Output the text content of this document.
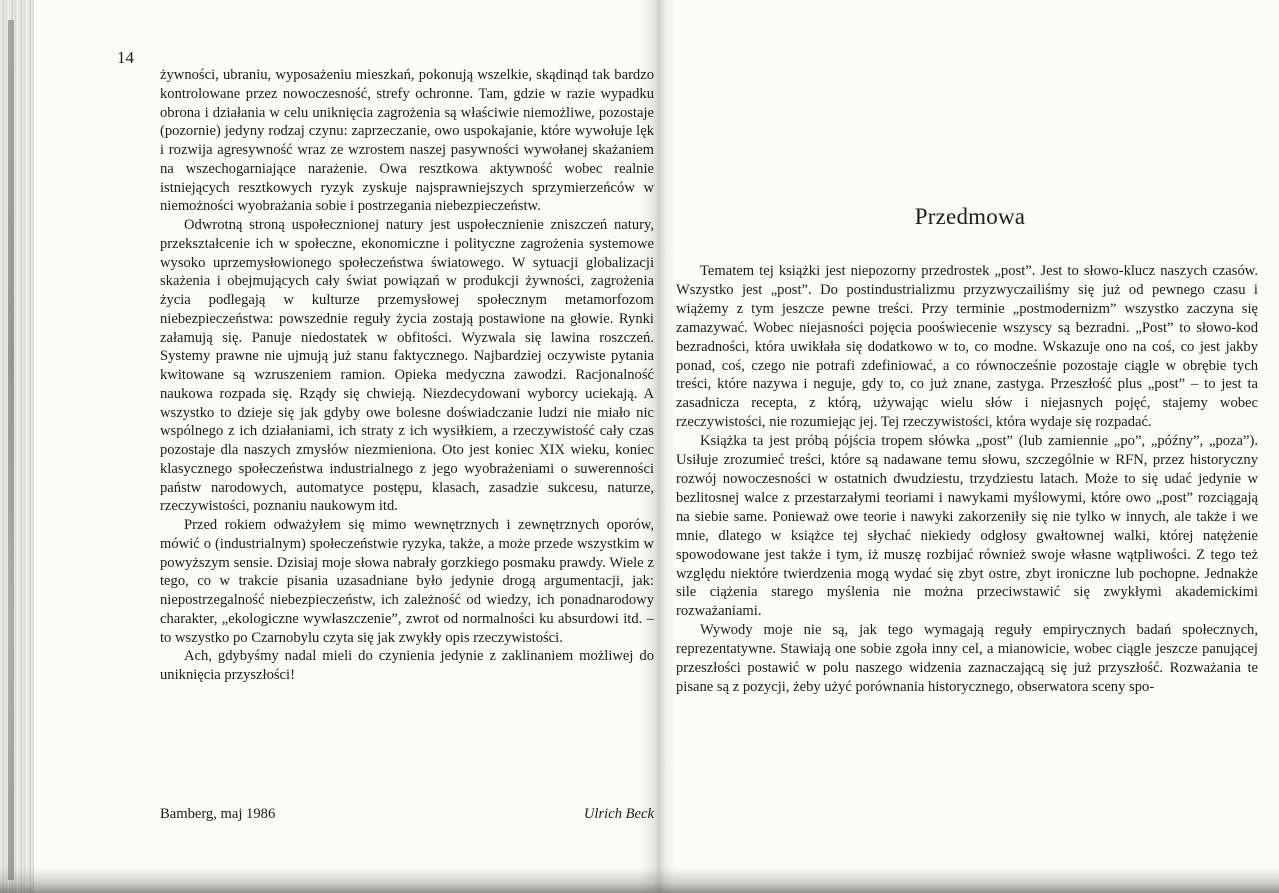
14

żywności, ubraniu, wyposażeniu mieszkań, pokonują wszelkie, skądinąd tak bardzo kontrolowane przez nowoczesność, strefy ochronne. Tam, gdzie w razie wypadku obrona i działania w celu uniknięcia zagrożenia są właściwie niemożliwe, pozostaje (pozornie) jedyny rodzaj czynu: zaprzeczanie, owo uspokajanie, które wywołuje lęk i rozwija agresywność wraz ze wzrostem naszej pasywności wywołanej skażaniem na wszechogarniające narażenie. Owa resztkowa aktywność wobec realnie istniejących resztkowych ryzyk zyskuje najsprawniejszych sprzymierzeńców w niemożności wyobrażania sobie i postrzegania niebezpieczeństw.

Odwrotną stroną uspołecznionej natury jest uspołecznienie zniszczeń natury, przekształcenie ich w społeczne, ekonomiczne i polityczne zagrożenia systemowe wysoko uprzemysłowionego społeczeństwa światowego. W sytuacji globalizacji skażenia i obejmujących cały świat powiązań w produkcji żywności, zagrożenia życia podlegają w kulturze przemysłowej społecznym metamorfozom niebezpieczeństwa: powszednie reguły życia zostają postawione na głowie. Rynki załamują się. Panuje niedostatek w obfitości. Wyzwala się lawina roszczeń. Systemy prawne nie ujmują już stanu faktycznego. Najbardziej oczywiste pytania kwitowane są wzruszeniem ramion. Opieka medyczna zawodzi. Racjonalność naukowa rozpada się. Rządy się chwieją. Niezdecydowani wyborcy uciekają. A wszystko to dzieje się jak gdyby owe bolesne doświadczanie ludzi nie miało nic wspólnego z ich działaniami, ich straty z ich wysiłkiem, a rzeczywistość cały czas pozostaje dla naszych zmysłów niezmieniona. Oto jest koniec XIX wieku, koniec klasycznego społeczeństwa industrialnego z jego wyobrażeniami o suwerenności państw narodowych, automatyce postępu, klasach, zasadzie sukcesu, naturze, rzeczywistości, poznaniu naukowym itd.

Przed rokiem odważyłem się mimo wewnętrznych i zewnętrznych oporów, mówić o (industrialnym) społeczeństwie ryzyka, także, a może przede wszystkim w powyższym sensie. Dzisiaj moje słowa nabrały gorzkiego posmaku prawdy. Wiele z tego, co w trakcie pisania uzasadniane było jedynie drogą argumentacji, jak: niepostrzegalność niebezpieczeństw, ich zależność od wiedzy, ich ponadnarodowy charakter, „ekologiczne wywłaszczenie”, zwrot od normalności ku absurdowi itd. – to wszystko po Czarnobylu czyta się jak zwykły opis rzeczywistości.

Ach, gdybyśmy nadal mieli do czynienia jedynie z zaklinaniem możliwej do uniknięcia przyszłości!

Bamberg, maj 1986	Ulrich Beck
Przedmowa

Tematem tej książki jest niepozorny przedrostek „post”. Jest to słowo-klucz naszych czasów. Wszystko jest „post”. Do postindustrializmu przyzwyczailiśmy się już od pewnego czasu i wiążemy z tym jeszcze pewne treści. Przy terminie „postmodernizm” wszystko zaczyna się zamazywać. Wobec niejasności pojęcia poоświecenie wszyscy są bezradni. „Post” to słowo-kod bezradności, która uwikłała się dodatkowo w to, co modne. Wskazuje ono na coś, co jest jakby ponad, coś, czego nie potrafi zdefiniować, a co równocześnie pozostaje ciągle w obrębie tych treści, które nazywa i neguje, gdy to, co już znane, zastyga. Przeszłość plus „post” – to jest ta zasadnicza recepta, z którą, używając wielu słów i niejasnych pojęć, stajemy wobec rzeczywistości, nie rozumiejąc jej. Tej rzeczywistości, która wydaje się rozpadać.

Książka ta jest próbą pójścia tropem słówka „post” (lub zamiennie „po”, „późny”, „poza”). Usiłuje zrozumieć treści, które są nadawane temu słowu, szczególnie w RFN, przez historyczny rozwój nowoczesności w ostatnich dwudziestu, trzydziestu latach. Może to się udać jedynie w bezlitosnej walce z przestarzałymi teoriami i nawykami myślowymi, które owo „post” rozciągają na siebie same. Ponieważ owe teorie i nawyki zakorzeniły się nie tylko w innych, ale także i we mnie, dlatego w książce tej słychać niekiedy odgłosy gwałtownej walki, której natężenie spowodowane jest także i tym, iż muszę rozbijać również swoje własne wątpliwości. Z tego też względu niektóre twierdzenia mogą wydać się zbyt ostre, zbyt ironiczne lub pochopne. Jednakże sile ciążenia starego myślenia nie można przeciwstawić się zwykłymi akademickimi rozważaniami.

Wywody moje nie są, jak tego wymagają reguły empirycznych badań społecznych, reprezentatywne. Stawiają one sobie zgoła inny cel, a mianowicie, wobec ciągle jeszcze panującej przeszłości postawić w polu naszego widzenia zaznaczającą się już przyszłość. Rozważania te pisane są z pozycji, żeby użyć porównania historycznego, obserwatora sceny spo-
